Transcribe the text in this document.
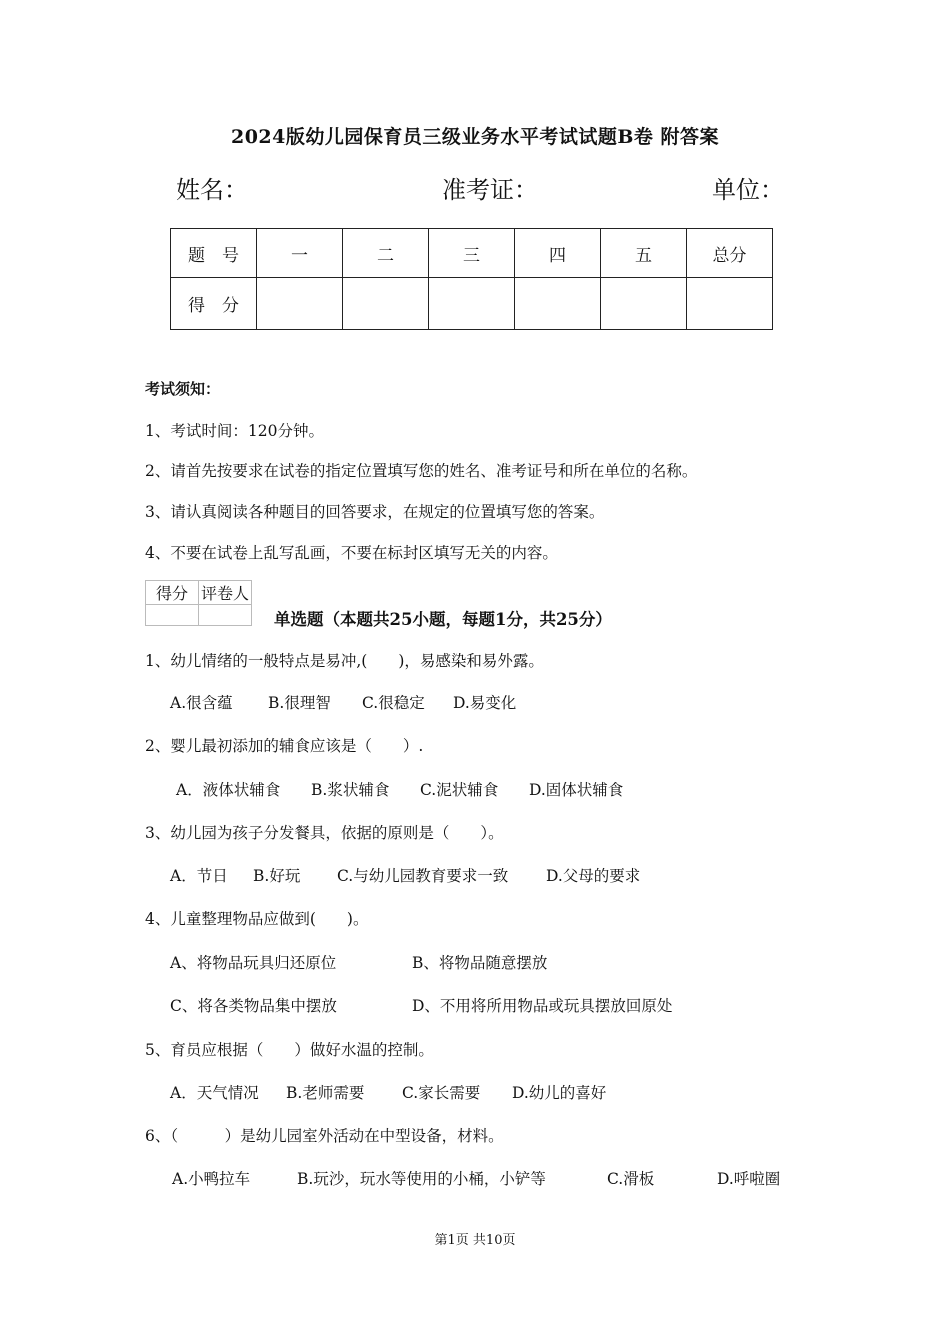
2024版幼儿园保育员三级业务水平考试试题B卷 附答案
姓名：	准考证：	单位：
题　号	一	二	三	四	五	总分
得　分						
考试须知：
1、考试时间：120分钟。
2、请首先按要求在试卷的指定位置填写您的姓名、准考证号和所在单位的名称。
3、请认真阅读各种题目的回答要求，在规定的位置填写您的答案。
4、不要在试卷上乱写乱画，不要在标封区填写无关的内容。
得分	评卷人

单选题（本题共25小题，每题1分，共25分）
1、幼儿情绪的一般特点是易冲,(　　)，易感染和易外露。
A.很含蕴 B.很理智 C.很稳定 D.易变化
2、婴儿最初添加的辅食应该是（　　）.
A．液体状辅食 B.浆状辅食 C.泥状辅食 D.固体状辅食
3、幼儿园为孩子分发餐具，依据的原则是（　　）。
A．节日 B.好玩 C.与幼儿园教育要求一致 D.父母的要求
4、儿童整理物品应做到(　　)。
A、将物品玩具归还原位	B、将物品随意摆放
C、将各类物品集中摆放	D、不用将所用物品或玩具摆放回原处
5、育员应根据（　　）做好水温的控制。
A．天气情况 B.老师需要 C.家长需要 D.幼儿的喜好
6、（　　　）是幼儿园室外活动在中型设备，材料。
A.小鸭拉车	B.玩沙，玩水等使用的小桶，小铲等	C.滑板	D.呼啦圈
第1页 共10页
